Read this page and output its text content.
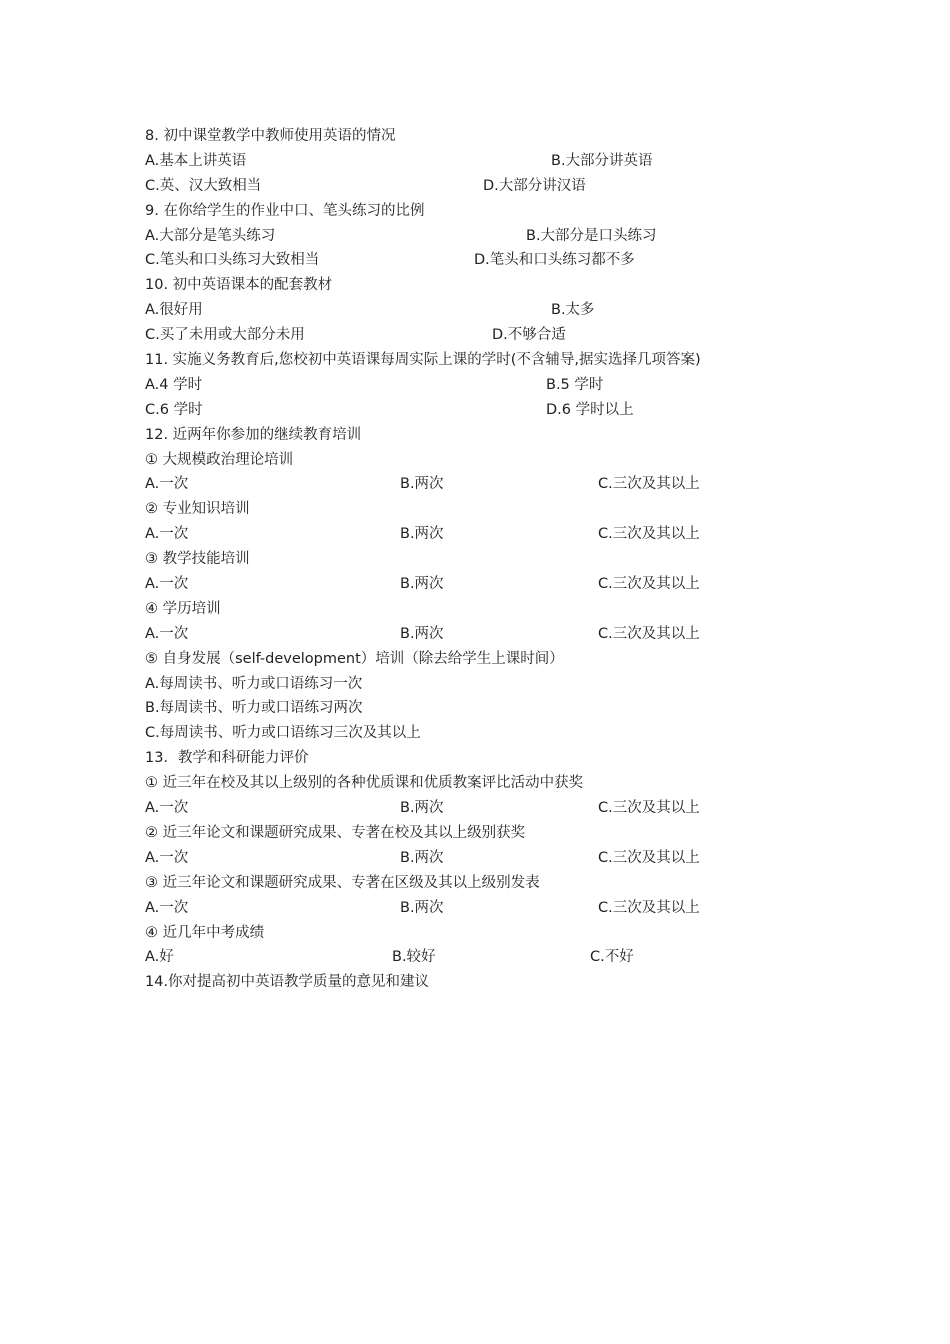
8. 初中课堂教学中教师使用英语的情况
A.基本上讲英语	B.大部分讲英语
C.英、汉大致相当	D.大部分讲汉语
9. 在你给学生的作业中口、笔头练习的比例
A.大部分是笔头练习	B.大部分是口头练习
C.笔头和口头练习大致相当	D.笔头和口头练习都不多
10. 初中英语课本的配套教材
A.很好用	B.太多
C.买了未用或大部分未用	D.不够合适
11. 实施义务教育后,您校初中英语课每周实际上课的学时(不含辅导,据实选择几项答案)
A.4 学时	B.5 学时
C.6 学时	D.6 学时以上
12. 近两年你参加的继续教育培训
① 大规模政治理论培训
A.一次	B.两次	C.三次及其以上
② 专业知识培训
A.一次	B.两次	C.三次及其以上
③ 教学技能培训
A.一次	B.两次	C.三次及其以上
④ 学历培训
A.一次	B.两次	C.三次及其以上
⑤ 自身发展（self-development）培训（除去给学生上课时间）
A.每周读书、听力或口语练习一次
B.每周读书、听力或口语练习两次
C.每周读书、听力或口语练习三次及其以上
13．教学和科研能力评价
① 近三年在校及其以上级别的各种优质课和优质教案评比活动中获奖
A.一次	B.两次	C.三次及其以上
② 近三年论文和课题研究成果、专著在校及其以上级别获奖
A.一次	B.两次	C.三次及其以上
③ 近三年论文和课题研究成果、专著在区级及其以上级别发表
A.一次	B.两次	C.三次及其以上
④ 近几年中考成绩
A.好	B.较好	C.不好
14.你对提高初中英语教学质量的意见和建议
